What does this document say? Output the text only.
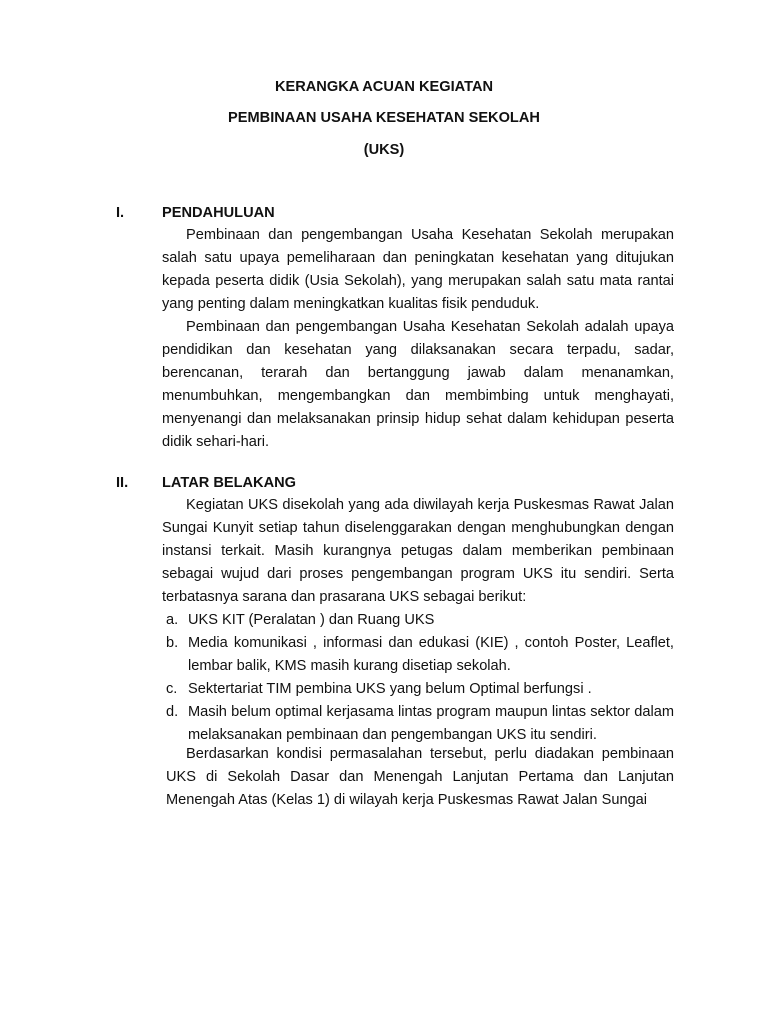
KERANGKA ACUAN KEGIATAN
PEMBINAAN USAHA KESEHATAN SEKOLAH
(UKS)
I.	PENDAHULUAN

Pembinaan dan pengembangan Usaha Kesehatan Sekolah merupakan salah satu upaya pemeliharaan dan peningkatan kesehatan yang ditujukan kepada peserta didik (Usia Sekolah), yang merupakan salah satu mata rantai yang penting dalam meningkatkan kualitas fisik penduduk.

Pembinaan dan pengembangan Usaha Kesehatan Sekolah adalah upaya pendidikan dan kesehatan yang dilaksanakan secara terpadu, sadar, berencanan, terarah dan bertanggung jawab dalam menanamkan, menumbuhkan, mengembangkan dan membimbing untuk menghayati, menyenangi dan melaksanakan prinsip hidup sehat dalam kehidupan peserta didik sehari-hari.

II. LATAR BELAKANG

Kegiatan UKS disekolah yang ada diwilayah kerja Puskesmas Rawat Jalan Sungai Kunyit setiap tahun diselenggarakan dengan menghubungkan dengan instansi terkait. Masih kurangnya petugas dalam memberikan pembinaan sebagai wujud dari proses pengembangan program UKS itu sendiri. Serta terbatasnya sarana dan prasarana UKS sebagai berikut:

a. UKS KIT (Peralatan ) dan Ruang UKS
b. Media komunikasi , informasi dan edukasi (KIE) , contoh Poster, Leaflet, lembar balik, KMS masih kurang disetiap sekolah.
c. Sektertariat TIM pembina UKS yang belum Optimal berfungsi .
d. Masih belum optimal kerjasama lintas program maupun lintas sektor dalam melaksanakan pembinaan dan pengembangan UKS itu sendiri.

Berdasarkan kondisi permasalahan tersebut, perlu diadakan pembinaan UKS di Sekolah Dasar dan Menengah Lanjutan Pertama dan Lanjutan Menengah Atas (Kelas 1) di wilayah kerja Puskesmas Rawat Jalan Sungai
